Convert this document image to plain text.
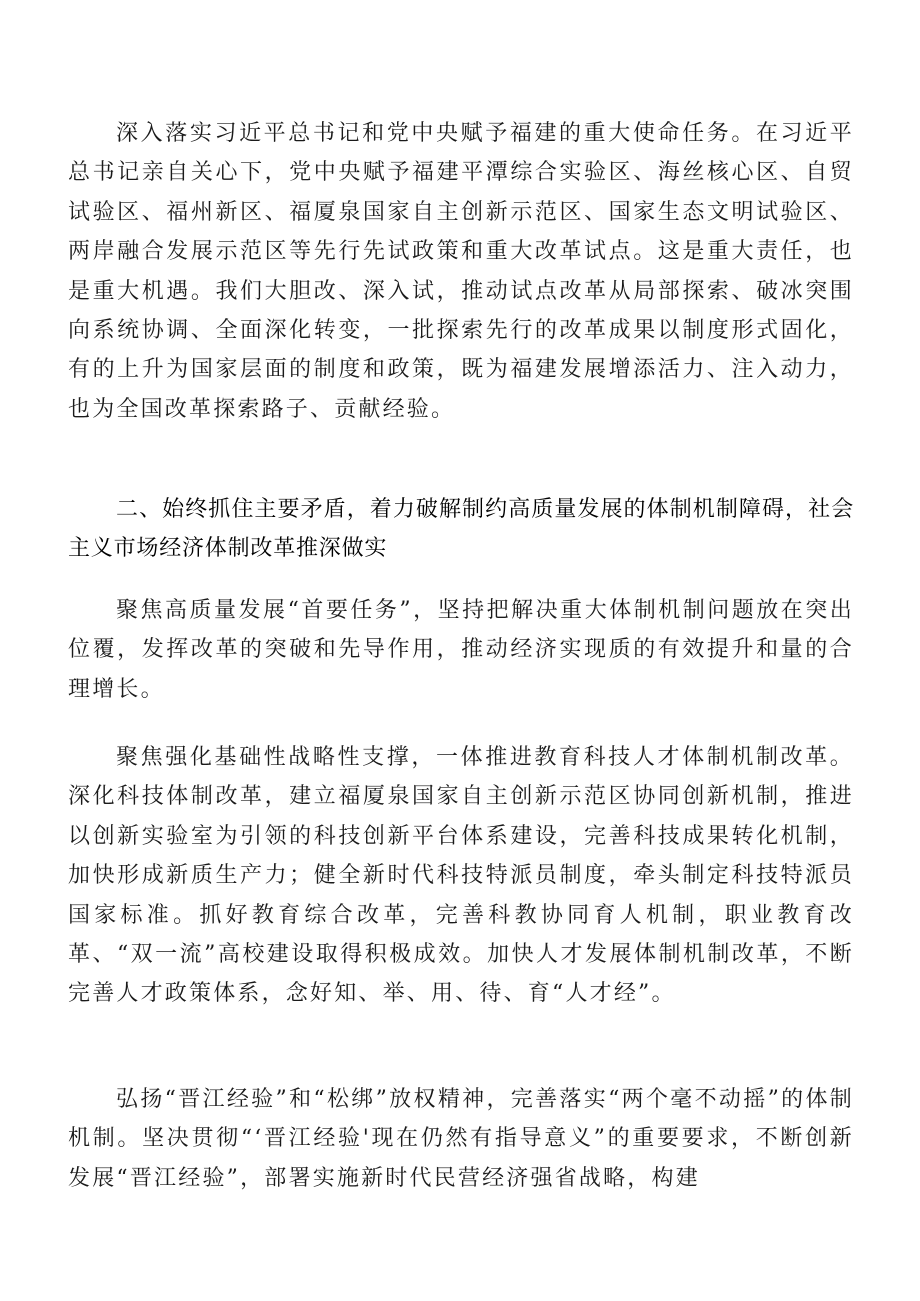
深入落实习近平总书记和党中央赋予福建的重大使命任务。在习近平总书记亲自关心下，党中央赋予福建平潭综合实验区、海丝核心区、自贸试验区、福州新区、福厦泉国家自主创新示范区、国家生态文明试验区、两岸融合发展示范区等先行先试政策和重大改革试点。这是重大责任，也是重大机遇。我们大胆改、深入试，推动试点改革从局部探索、破冰突围向系统协调、全面深化转变，一批探索先行的改革成果以制度形式固化，有的上升为国家层面的制度和政策，既为福建发展增添活力、注入动力，也为全国改革探索路子、贡献经验。

二、始终抓住主要矛盾，着力破解制约高质量发展的体制机制障碍，社会主义市场经济体制改革推深做实

聚焦高质量发展“首要任务”，坚持把解决重大体制机制问题放在突出位覆，发挥改革的突破和先导作用，推动经济实现质的有效提升和量的合理增长。

聚焦强化基础性战略性支撑，一体推进教育科技人才体制机制改革。深化科技体制改革，建立福厦泉国家自主创新示范区协同创新机制，推进以创新实验室为引领的科技创新平台体系建设，完善科技成果转化机制，加快形成新质生产力；健全新时代科技特派员制度，牵头制定科技特派员国家标准。抓好教育综合改革，完善科教协同育人机制，职业教育改革、“双一流”高校建设取得积极成效。加快人才发展体制机制改革，不断完善人才政策体系，念好知、举、用、待、育“人才经”。

弘扬“晋江经验”和“松绑”放权精神，完善落实“两个毫不动摇”的体制机制。坚决贯彻“‘晋江经验'现在仍然有指导意义”的重要要求，不断创新发展“晋江经验”，部署实施新时代民营经济强省战略，构建
